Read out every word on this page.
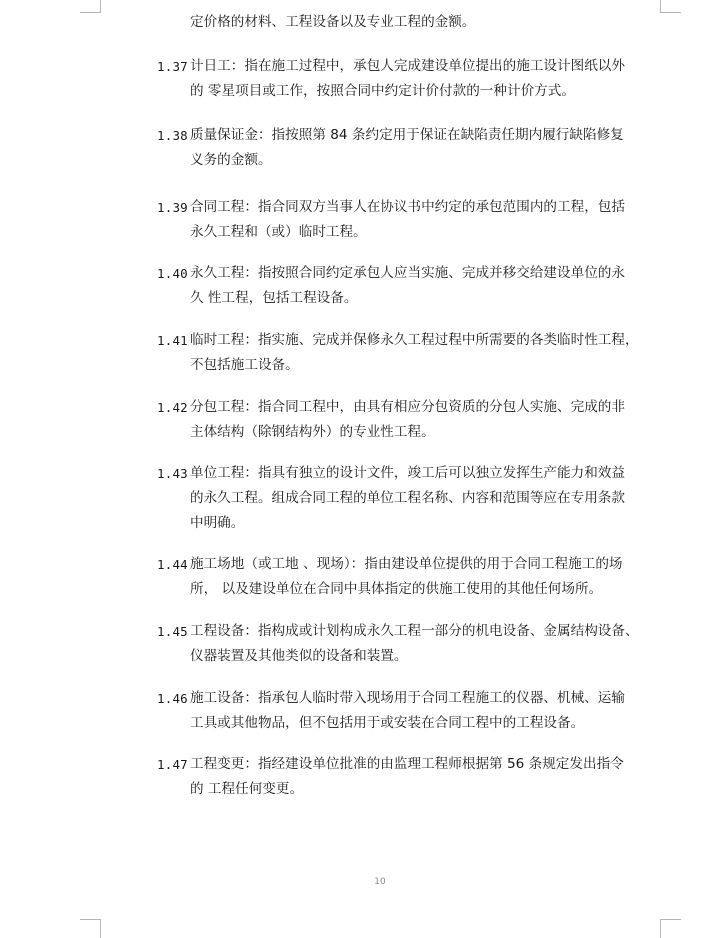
定价格的材料、工程设备以及专业工程的金额。
1.37 计日工：指在施工过程中，承包人完成建设单位提出的施工设计图纸以外
的 零星项目或工作，按照合同中约定计价付款的一种计价方式。
1.38 质量保证金：指按照第 84 条约定用于保证在缺陷责任期内履行缺陷修复
义务的金额。
1.39 合同工程：指合同双方当事人在协议书中约定的承包范围内的工程，包括
永久工程和（或）临时工程。
1.40 永久工程：指按照合同约定承包人应当实施、完成并移交给建设单位的永
久 性工程，包括工程设备。
1.41 临时工程：指实施、完成并保修永久工程过程中所需要的各类临时性工程，
不包括施工设备。
1.42 分包工程：指合同工程中，由具有相应分包资质的分包人实施、完成的非
主体结构（除钢结构外）的专业性工程。
1.43 单位工程：指具有独立的设计文件，竣工后可以独立发挥生产能力和效益
的永久工程。组成合同工程的单位工程名称、内容和范围等应在专用条款
中明确。
1.44 施工场地（或工地 、现场）：指由建设单位提供的用于合同工程施工的场
所， 以及建设单位在合同中具体指定的供施工使用的其他任何场所。
1.45 工程设备：指构成或计划构成永久工程一部分的机电设备、金属结构设备、
仪器装置及其他类似的设备和装置。
1.46 施工设备：指承包人临时带入现场用于合同工程施工的仪器、机械、运输
工具或其他物品，但不包括用于或安装在合同工程中的工程设备。
1.47 工程变更：指经建设单位批准的由监理工程师根据第 56 条规定发出指令
的 工程任何变更。
10
